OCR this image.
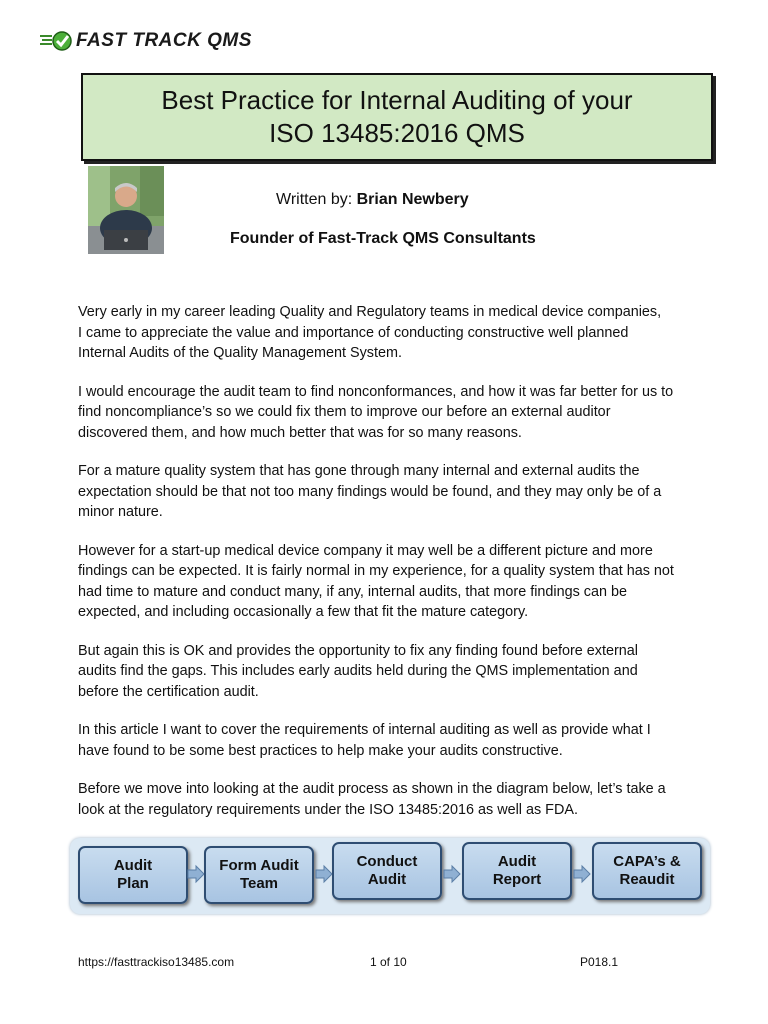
FAST TRACK QMS
Best Practice for Internal Auditing of your
ISO 13485:2016 QMS
Written by: Brian Newbery
Founder of Fast-Track QMS Consultants

Very early in my career leading Quality and Regulatory teams in medical device companies,
I came to appreciate the value and importance of conducting constructive well planned
Internal Audits of the Quality Management System.

I would encourage the audit team to find nonconformances, and how it was far better for us to
find noncompliance’s so we could fix them to improve our before an external auditor
discovered them, and how much better that was for so many reasons.

For a mature quality system that has gone through many internal and external audits the
expectation should be that not too many findings would be found, and they may only be of a
minor nature.

However for a start-up medical device company it may well be a different picture and more
findings can be expected. It is fairly normal in my experience, for a quality system that has not
had time to mature and conduct many, if any, internal audits, that more findings can be
expected, and including occasionally a few that fit the mature category.

But again this is OK and provides the opportunity to fix any finding found before external
audits find the gaps. This includes early audits held during the QMS implementation and
before the certification audit.

In this article I want to cover the requirements of internal auditing as well as provide what I
have found to be some best practices to help make your audits constructive.

Before we move into looking at the audit process as shown in the diagram below, let’s take a
look at the regulatory requirements under the ISO 13485:2016 as well as FDA.

Audit
Plan
Form Audit
Team
Conduct
Audit
Audit
Report
CAPA’s &
Reaudit
https://fasttrackiso13485.com	1 of 10	P018.1
